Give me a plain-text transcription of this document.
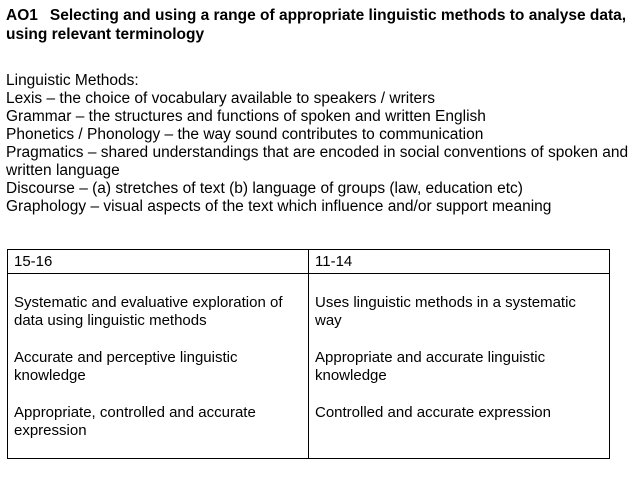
AO1 Selecting and using a range of appropriate linguistic methods to analyse data, using relevant terminology
Linguistic Methods:
Lexis – the choice of vocabulary available to speakers / writers
Grammar – the structures and functions of spoken and written English
Phonetics / Phonology – the way sound contributes to communication
Pragmatics – shared understandings that are encoded in social conventions of spoken and written language
Discourse – (a) stretches of text (b) language of groups (law, education etc)
Graphology – visual aspects of the text which influence and/or support meaning
15-16	11-14
Systematic and evaluative exploration of data using linguistic methods	Uses linguistic methods in a systematic way
Accurate and perceptive linguistic knowledge	Appropriate and accurate linguistic knowledge
Appropriate, controlled and accurate expression	Controlled and accurate expression
